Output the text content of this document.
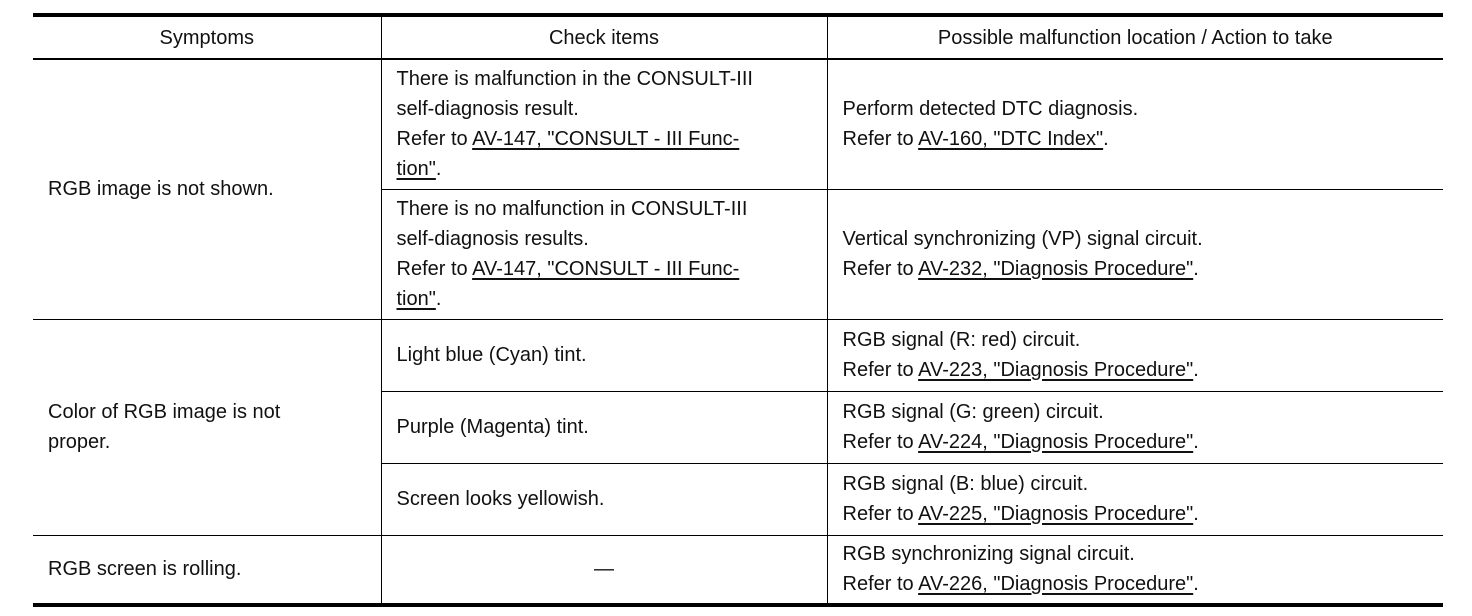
Symptoms	Check items	Possible malfunction location / Action to take
RGB image is not shown.	There is malfunction in the CONSULT-III
self-diagnosis result.
Refer to AV-147, "CONSULT - III Func-
tion".	Perform detected DTC diagnosis.
Refer to AV-160, "DTC Index".

	There is no malfunction in CONSULT-III
self-diagnosis results.
Refer to AV-147, "CONSULT - III Func-
tion".	Vertical synchronizing (VP) signal circuit.
Refer to AV-232, "Diagnosis Procedure".

Color of RGB image is not
proper.	Light blue (Cyan) tint.	RGB signal (R: red) circuit.
Refer to AV-223, "Diagnosis Procedure".

	Purple (Magenta) tint.	RGB signal (G: green) circuit.
Refer to AV-224, "Diagnosis Procedure".

	Screen looks yellowish.	RGB signal (B: blue) circuit.
Refer to AV-225, "Diagnosis Procedure".

RGB screen is rolling.	—	RGB synchronizing signal circuit.
Refer to AV-226, "Diagnosis Procedure".
